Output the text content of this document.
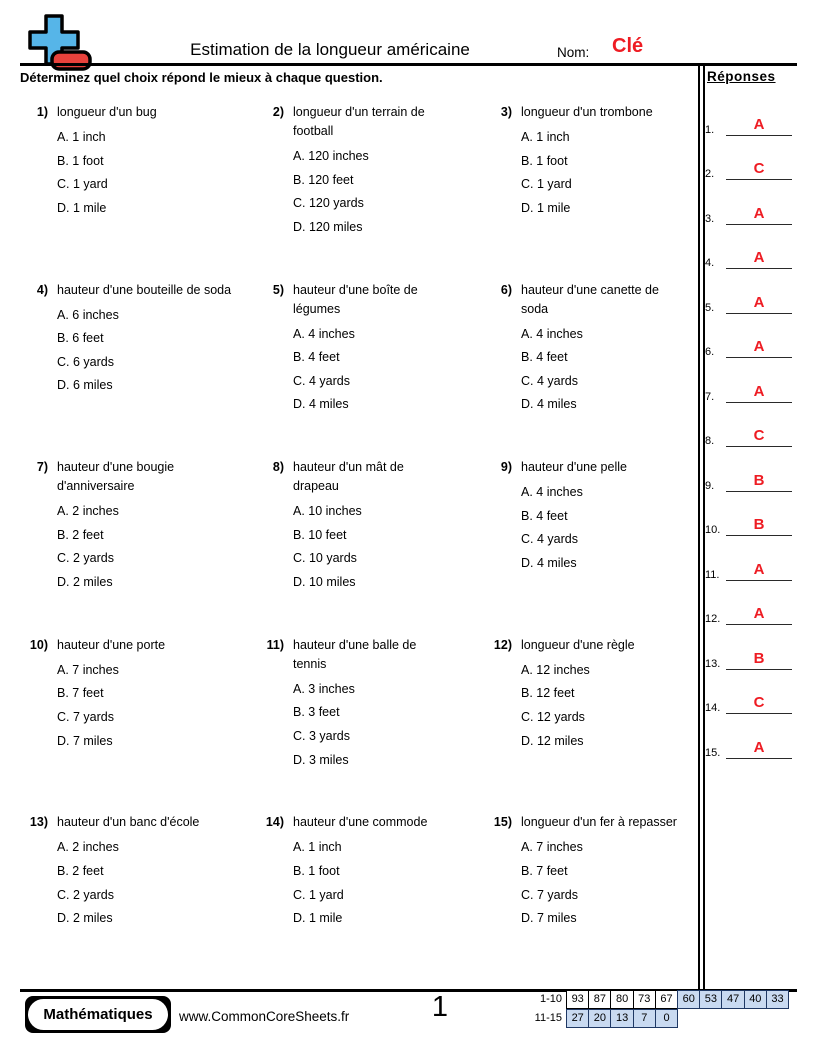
Estimation de la longueur américaine	Nom: Clé
Déterminez quel choix répond le mieux à chaque question.	Réponses
1.	A
2.	C
3.	A
4.	A
5.	A
6.	A
7.	A
8.	C
9.	B
10.	B
11.	A
12.	A
13.	B
14.	C
15.	A
1) longueur d'un bug
A. 1 inch
B. 1 foot
C. 1 yard
D. 1 mile
2) longueur d'un terrain de football
A. 120 inches
B. 120 feet
C. 120 yards
D. 120 miles
3) longueur d'un trombone
A. 1 inch
B. 1 foot
C. 1 yard
D. 1 mile
4) hauteur d'une bouteille de soda
A. 6 inches
B. 6 feet
C. 6 yards
D. 6 miles
5) hauteur d'une boîte de légumes
A. 4 inches
B. 4 feet
C. 4 yards
D. 4 miles
6) hauteur d'une canette de soda
A. 4 inches
B. 4 feet
C. 4 yards
D. 4 miles
7) hauteur d'une bougie d'anniversaire
A. 2 inches
B. 2 feet
C. 2 yards
D. 2 miles
8) hauteur d'un mât de drapeau
A. 10 inches
B. 10 feet
C. 10 yards
D. 10 miles
9) hauteur d'une pelle
A. 4 inches
B. 4 feet
C. 4 yards
D. 4 miles
10) hauteur d'une porte
A. 7 inches
B. 7 feet
C. 7 yards
D. 7 miles
11) hauteur d'une balle de tennis
A. 3 inches
B. 3 feet
C. 3 yards
D. 3 miles
12) longueur d'une règle
A. 12 inches
B. 12 feet
C. 12 yards
D. 12 miles
13) hauteur d'un banc d'école
A. 2 inches
B. 2 feet
C. 2 yards
D. 2 miles
14) hauteur d'une commode
A. 1 inch
B. 1 foot
C. 1 yard
D. 1 mile
15) longueur d'un fer à repasser
A. 7 inches
B. 7 feet
C. 7 yards
D. 7 miles
Mathématiques	www.CommonCoreSheets.fr	1	1-10 93 87 80 73 67 60 53 47 40 33
11-15 27 20 13	7	0
